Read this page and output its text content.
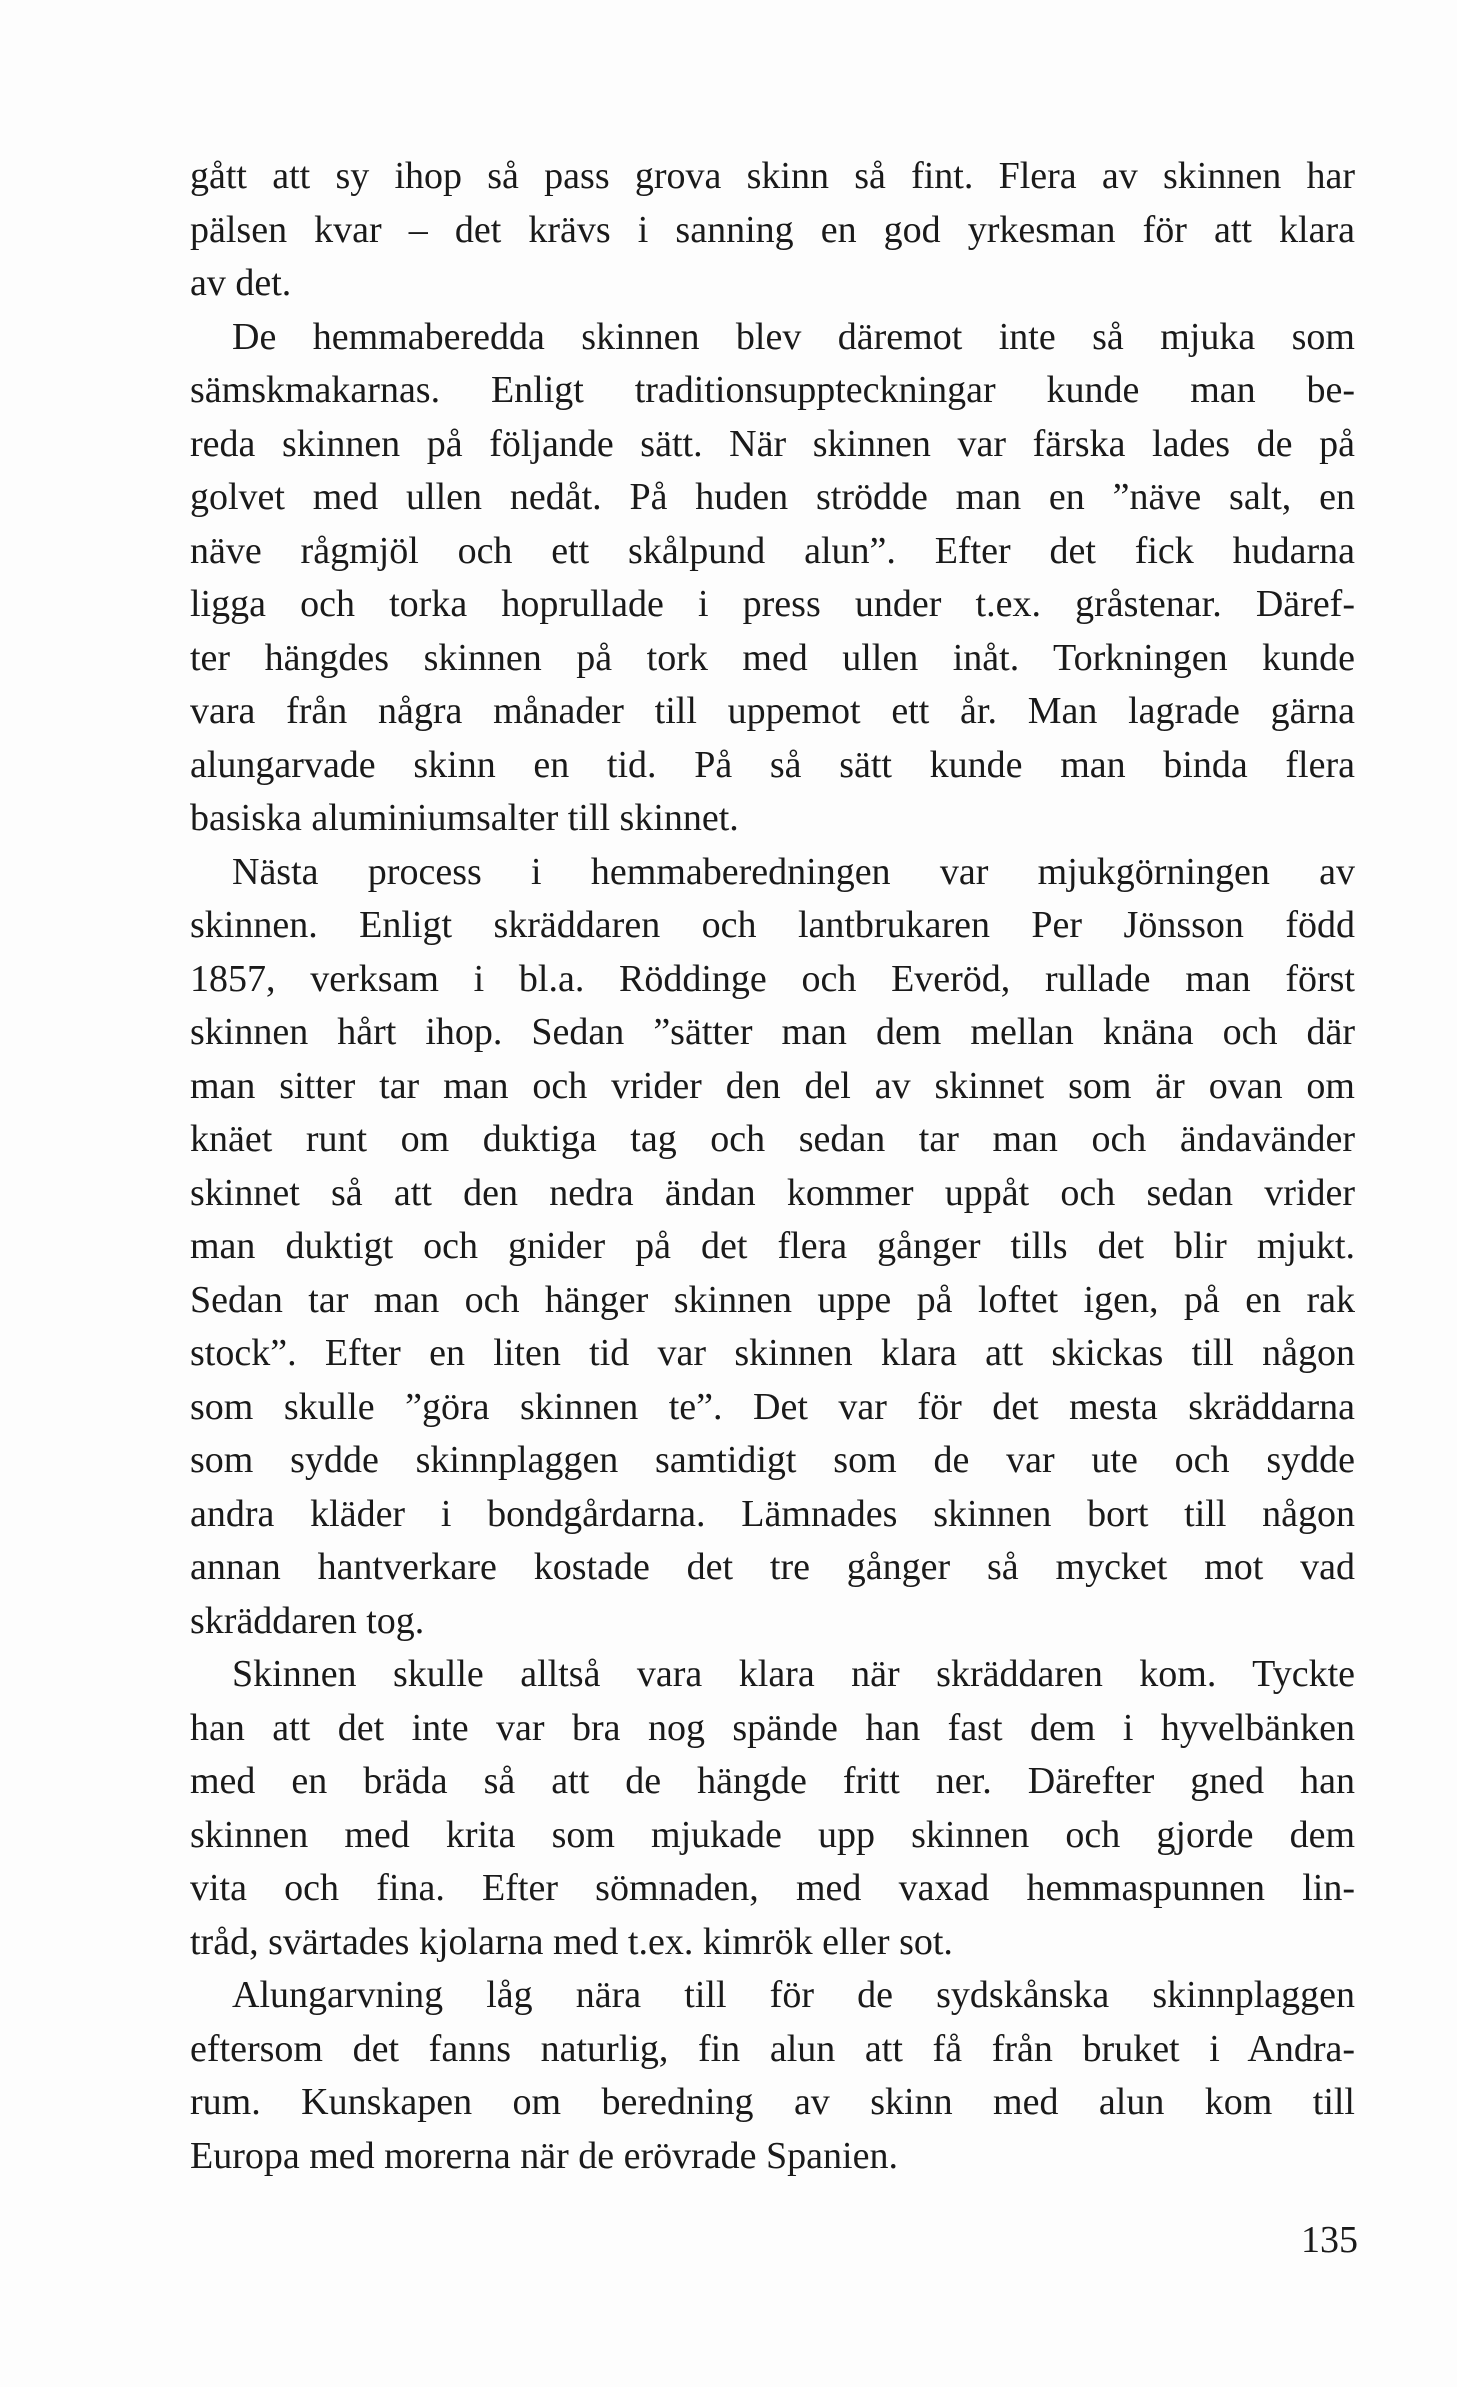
gått att sy ihop så pass grova skinn så fint. Flera av skinnen har
pälsen kvar – det krävs i sanning en god yrkesman för att klara
av det.
De hemmaberedda skinnen blev däremot inte så mjuka som
sämskmakarnas. Enligt traditionsuppteckningar kunde man be-
reda skinnen på följande sätt. När skinnen var färska lades de på
golvet med ullen nedåt. På huden strödde man en ”näve salt, en
näve rågmjöl och ett skålpund alun”. Efter det fick hudarna
ligga och torka hoprullade i press under t.ex. gråstenar. Däref-
ter hängdes skinnen på tork med ullen inåt. Torkningen kunde
vara från några månader till uppemot ett år. Man lagrade gärna
alungarvade skinn en tid. På så sätt kunde man binda flera
basiska aluminiumsalter till skinnet.
Nästa process i hemmaberedningen var mjukgörningen av
skinnen. Enligt skräddaren och lantbrukaren Per Jönsson född
1857, verksam i bl.a. Röddinge och Everöd, rullade man först
skinnen hårt ihop. Sedan ”sätter man dem mellan knäna och där
man sitter tar man och vrider den del av skinnet som är ovan om
knäet runt om duktiga tag och sedan tar man och ändavänder
skinnet så att den nedra ändan kommer uppåt och sedan vrider
man duktigt och gnider på det flera gånger tills det blir mjukt.
Sedan tar man och hänger skinnen uppe på loftet igen, på en rak
stock”. Efter en liten tid var skinnen klara att skickas till någon
som skulle ”göra skinnen te”. Det var för det mesta skräddarna
som sydde skinnplaggen samtidigt som de var ute och sydde
andra kläder i bondgårdarna. Lämnades skinnen bort till någon
annan hantverkare kostade det tre gånger så mycket mot vad
skräddaren tog.
Skinnen skulle alltså vara klara när skräddaren kom. Tyckte
han att det inte var bra nog spände han fast dem i hyvelbänken
med en bräda så att de hängde fritt ner. Därefter gned han
skinnen med krita som mjukade upp skinnen och gjorde dem
vita och fina. Efter sömnaden, med vaxad hemmaspunnen lin-
tråd, svärtades kjolarna med t.ex. kimrök eller sot.
Alungarvning låg nära till för de sydskånska skinnplaggen
eftersom det fanns naturlig, fin alun att få från bruket i Andra-
rum. Kunskapen om beredning av skinn med alun kom till
Europa med morerna när de erövrade Spanien.
135
